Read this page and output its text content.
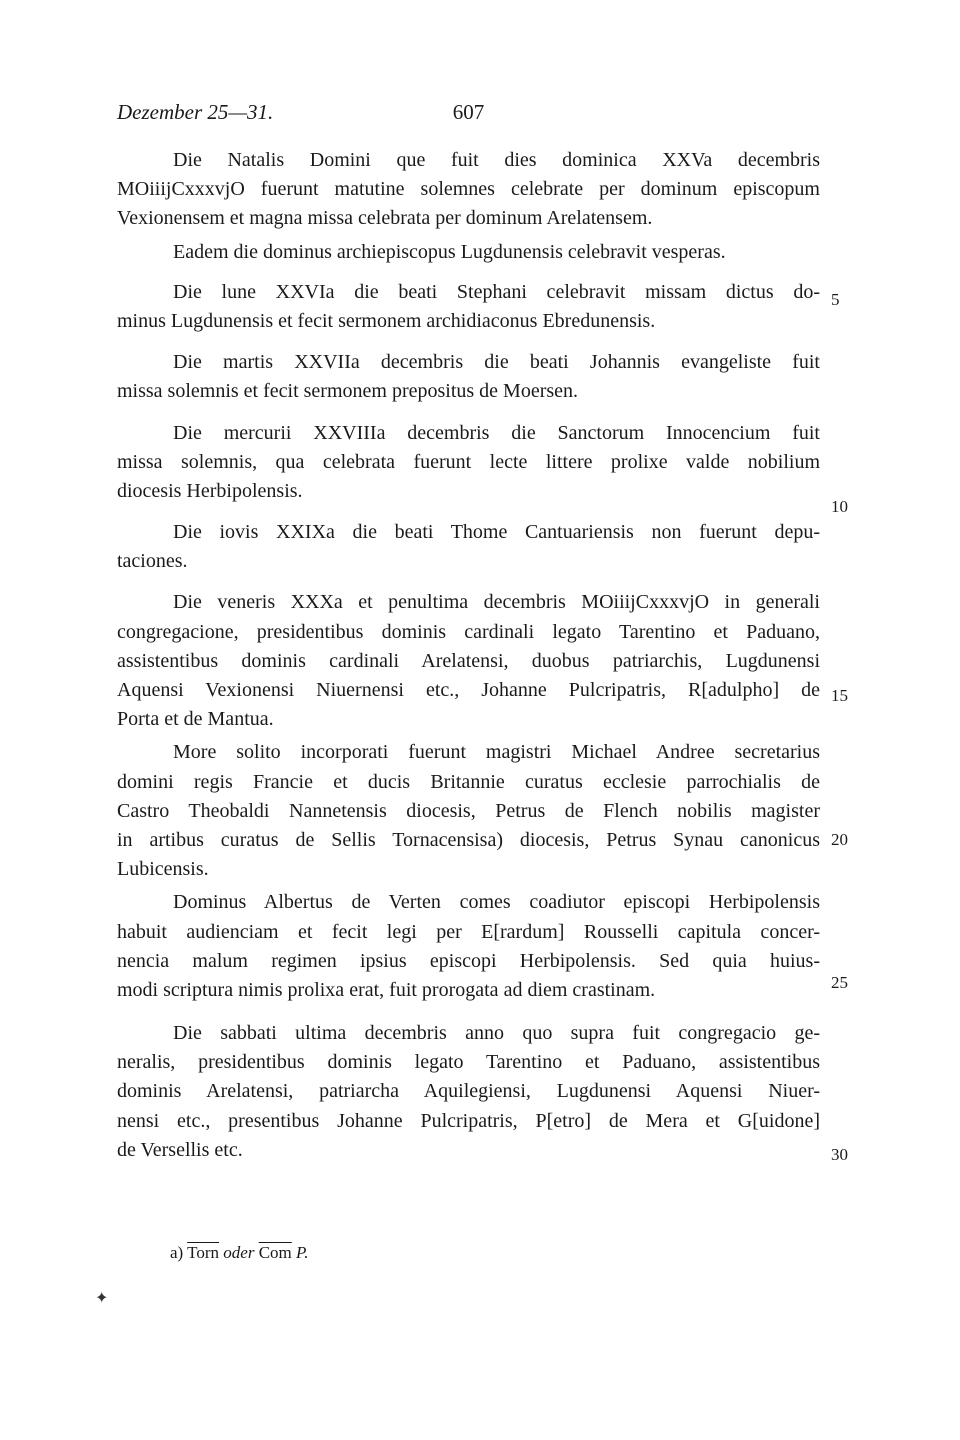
Dezember 25—31.	607
Die Natalis Domini que fuit dies dominica XXVa decembris
MOiiijCxxxvjO fuerunt matutine solemnes celebrate per dominum episcopum
Vexionensem et magna missa celebrata per dominum Arelatensem.
Eadem die dominus archiepiscopus Lugdunensis celebravit vesperas.
Die lune XXVIa die beati Stephani celebravit missam dictus do-
minus Lugdunensis et fecit sermonem archidiaconus Ebredunensis.
Die martis XXVIIa decembris die beati Johannis evangeliste fuit
missa solemnis et fecit sermonem prepositus de Moersen.
Die mercurii XXVIIIa decembris die Sanctorum Innocencium fuit
missa solemnis, qua celebrata fuerunt lecte littere prolixe valde nobilium
diocesis Herbipolensis.
Die iovis XXIXa die beati Thome Cantuariensis non fuerunt depu-
taciones.
Die veneris XXXa et penultima decembris MOiiijCxxxvjO in generali
congregacione, presidentibus dominis cardinali legato Tarentino et Paduano,
assistentibus dominis cardinali Arelatensi, duobus patriarchis, Lugdunensi
Aquensi Vexionensi Niuernensi etc., Johanne Pulcripatris, R[adulpho] de
Porta et de Mantua.
More solito incorporati fuerunt magistri Michael Andree secretarius
domini regis Francie et ducis Britannie curatus ecclesie parrochialis de
Castro Theobaldi Nannetensis diocesis, Petrus de Flench nobilis magister
in artibus curatus de Sellis Tornacensisa) diocesis, Petrus Synau canonicus
Lubicensis.
Dominus Albertus de Verten comes coadiutor episcopi Herbipolensis
habuit audienciam et fecit legi per E[rardum] Rousselli capitula concer-
nencia malum regimen ipsius episcopi Herbipolensis. Sed quia huius-
modi scriptura nimis prolixa erat, fuit prorogata ad diem crastinam.
Die sabbati ultima decembris anno quo supra fuit congregacio ge-
neralis, presidentibus dominis legato Tarentino et Paduano, assistentibus
dominis Arelatensi, patriarcha Aquilegiensi, Lugdunensi Aquensi Niuer-
nensi etc., presentibus Johanne Pulcripatris, P[etro] de Mera et G[uidone]
de Versellis etc.
5
10
15
20
25
30
a) Torn oder $\overline{Com}$ P.
✦
